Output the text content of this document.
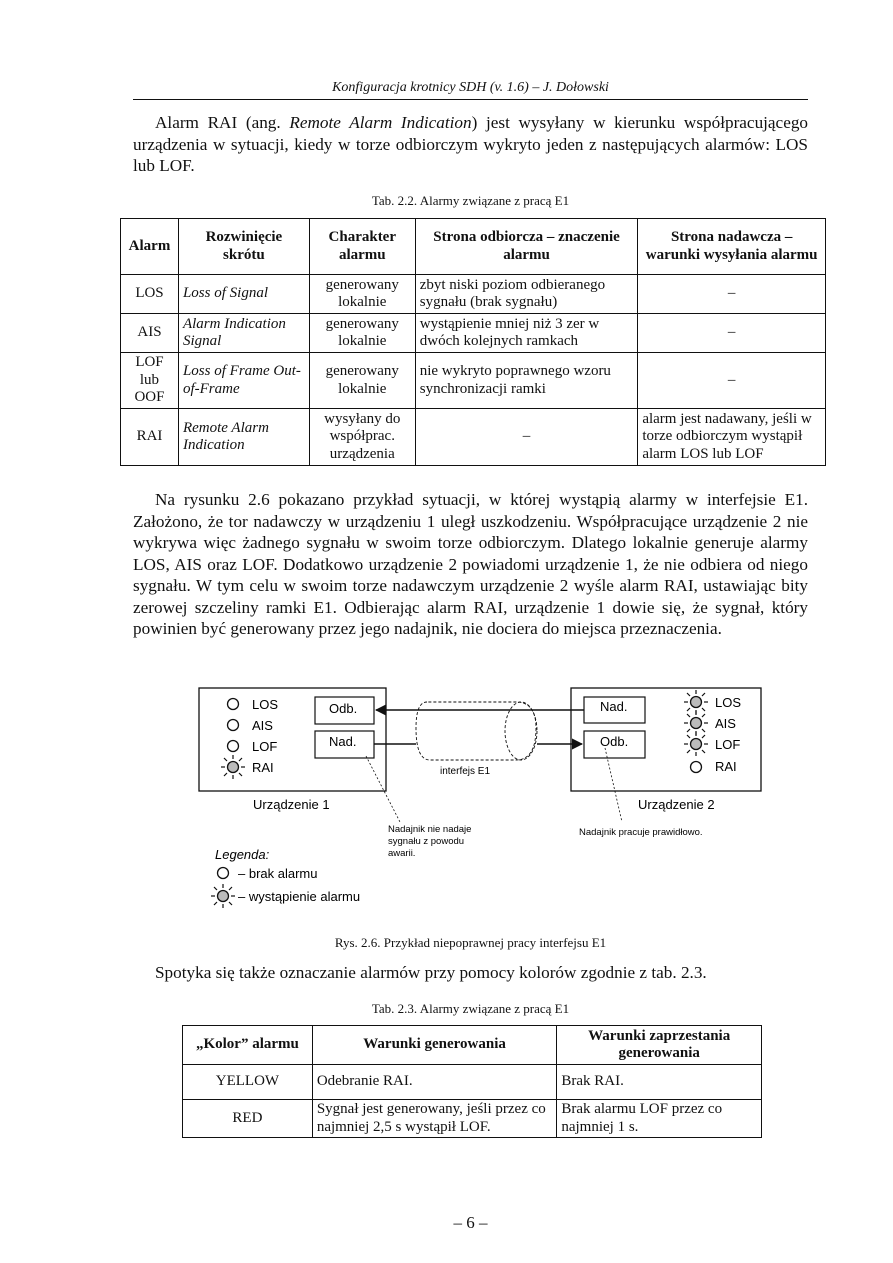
Konfiguracja krotnicy SDH (v. 1.6) – J. Dołowski

Alarm RAI (ang. Remote Alarm Indication) jest wysyłany w kierunku współpracującego urządzenia w sytuacji, kiedy w torze odbiorczym wykryto jeden z następujących alarmów: LOS lub LOF.

Tab. 2.2. Alarmy związane z pracą E1
Alarm	Rozwinięcie skrótu	Charakter alarmu	Strona odbiorcza – znaczenie alarmu	Strona nadawcza – warunki wysyłania alarmu
LOS	Loss of Signal	generowany lokalnie	zbyt niski poziom odbieranego sygnału (brak sygnału)	–
AIS	Alarm Indication Signal	generowany lokalnie	wystąpienie mniej niż 3 zer w dwóch kolejnych ramkach	–
LOF lub OOF	Loss of Frame Out-of-Frame	generowany lokalnie	nie wykryto poprawnego wzoru synchronizacji ramki	–
RAI	Remote Alarm Indication	wysyłany do współprac. urządzenia	–	alarm jest nadawany, jeśli w torze odbiorczym wystąpił alarm LOS lub LOF

Na rysunku 2.6 pokazano przykład sytuacji, w której wystąpią alarmy w interfejsie E1. Założono, że tor nadawczy w urządzeniu 1 uległ uszkodzeniu. Współpracujące urządzenie 2 nie wykrywa więc żadnego sygnału w swoim torze odbiorczym. Dlatego lokalnie generuje alarmy LOS, AIS oraz LOF. Dodatkowo urządzenie 2 powiadomi urządzenie 1, że nie odbiera od niego sygnału. W tym celu w swoim torze nadawczym urządzenie 2 wyśle alarm RAI, ustawiając bity zerowej szczeliny ramki E1. Odbierając alarm RAI, urządzenie 1 dowie się, że sygnał, który powinien być generowany przez jego nadajnik, nie dociera do miejsca przeznaczenia.

LOS
AIS
LOF
RAI
Odb.
Nad.
Urządzenie 1
Nad.
Odb.
LOS
AIS
LOF
RAI
Urządzenie 2
interfejs E1
Nadajnik nie nadaje
sygnału z powodu
awarii.
Nadajnik pracuje prawidłowo.
Legenda:
– brak alarmu
– wystąpienie alarmu
Rys. 2.6. Przykład niepoprawnej pracy interfejsu E1

Spotyka się także oznaczanie alarmów przy pomocy kolorów zgodnie z tab. 2.3.

Tab. 2.3. Alarmy związane z pracą E1
„Kolor” alarmu	Warunki generowania	Warunki zaprzestania generowania
YELLOW	Odebranie RAI.	Brak RAI.
RED	Sygnał jest generowany, jeśli przez co najmniej 2,5 s wystąpił LOF.	Brak alarmu LOF przez co najmniej 1 s.
– 6 –
